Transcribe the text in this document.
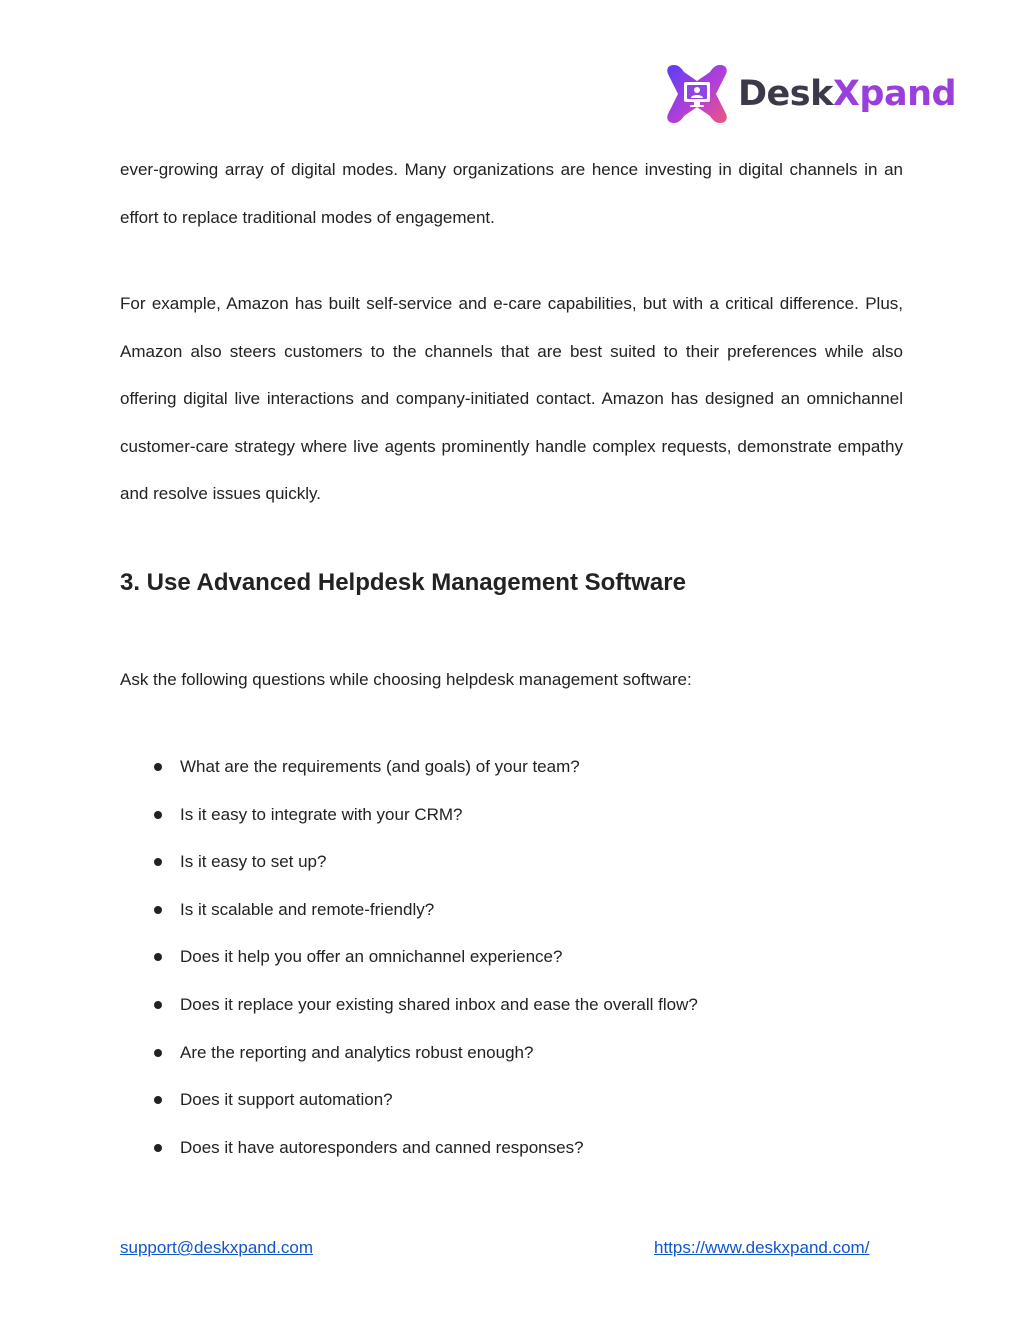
DeskXpand

ever-growing array of digital modes. Many organizations are hence investing in digital channels in an effort to replace traditional modes of engagement.

For example, Amazon has built self-service and e-care capabilities, but with a critical difference. Plus, Amazon also steers customers to the channels that are best suited to their preferences while also offering digital live interactions and company-initiated contact. Amazon has designed an omnichannel customer-care strategy where live agents prominently handle complex requests, demonstrate empathy and resolve issues quickly.

3. Use Advanced Helpdesk Management Software

Ask the following questions while choosing helpdesk management software:

What are the requirements (and goals) of your team?
Is it easy to integrate with your CRM?
Is it easy to set up?
Is it scalable and remote-friendly?
Does it help you offer an omnichannel experience?
Does it replace your existing shared inbox and ease the overall flow?
Are the reporting and analytics robust enough?
Does it support automation?
Does it have autoresponders and canned responses?
support@deskxpand.com	https://www.deskxpand.com/
